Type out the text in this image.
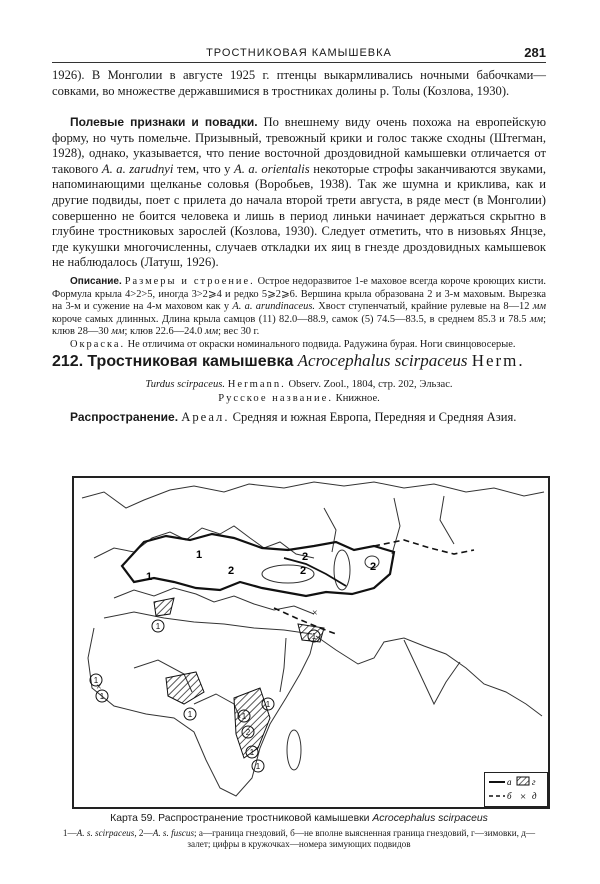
ТРОСТНИКОВАЯ КАМЫШЕВКА	281

1926). В Монголии в августе 1925 г. птенцы выкармливались ночными бабочками—совками, во множестве державшимися в тростниках долины р. Толы (Козлова, 1930).

Полевые признаки и повадки. По внешнему виду очень похожа на европейскую форму, но чуть помельче. Призывный, тревожный крики и голос также сходны (Штегман, 1928), однако, указывается, что пение восточной дроздовидной камышевки отличается от такового A. a. zarudnyi тем, что у A. a. orientalis некоторые строфы заканчиваются звуками, напоминающими щелканье соловья (Воробьев, 1938). Так же шумна и криклива, как и другие подвиды, поет с прилета до начала второй трети августа, в ряде мест (в Монголии) совершенно не боится человека и лишь в период линьки начинает держаться скрытно в глубине тростниковых зарослей (Козлова, 1930). Следует отметить, что в низовьях Янцзе, где кукушки многочисленны, случаев откладки их яиц в гнезде дроздовидных камышевок не наблюдалось (Латуш, 1926).

Описание. Размеры и строение. Остроe недоразвитое 1-е маховое всегда короче кроющих кисти. Формула крыла 4>2>5, иногда 3>2⩾4 и редко 5⩾2⩾6. Вершина крыла образована 2 и 3-м маховым. Вырезка на 3-м и сужение на 4-м маховом как у A. a. arundinaceus. Хвост ступенчатый, крайние рулевые на 8—12 мм короче самых длинных. Длина крыла самцов (11) 82.0—88.9, самок (5) 74.5—83.5, в среднем 85.3 и 78.5 мм; клюв 28—30 мм; клюв 22.6—24.0 мм; вес 30 г.
Окраска. Не отличима от окраски номинального подвида. Радужина бурая. Ноги свинцовосерые.

212. Тростниковая камышевка Acrocephalus scirpaceus Herm.
Turdus scirpaceus. Hermann. Observ. Zool., 1804, стр. 202, Эльзас.
Русское название. Книжное.

Распространение. Ареал. Средняя и южная Европа, Передняя и Средняя Азия.

×
×
1	2
2
2	2
1
1
1
1
1	1
2
1
1
1
1
а г
б × д
Карта 59. Распространение тростниковой камышевки Acrocephalus scirpaceus
1—A. s. scirpaceus, 2—A. s. fuscus; а—граница гнездовий, б—не вполне выясненная граница гнездовий, г—зимовки, д—залет; цифры в кружочках—номера зимующих подвидов
